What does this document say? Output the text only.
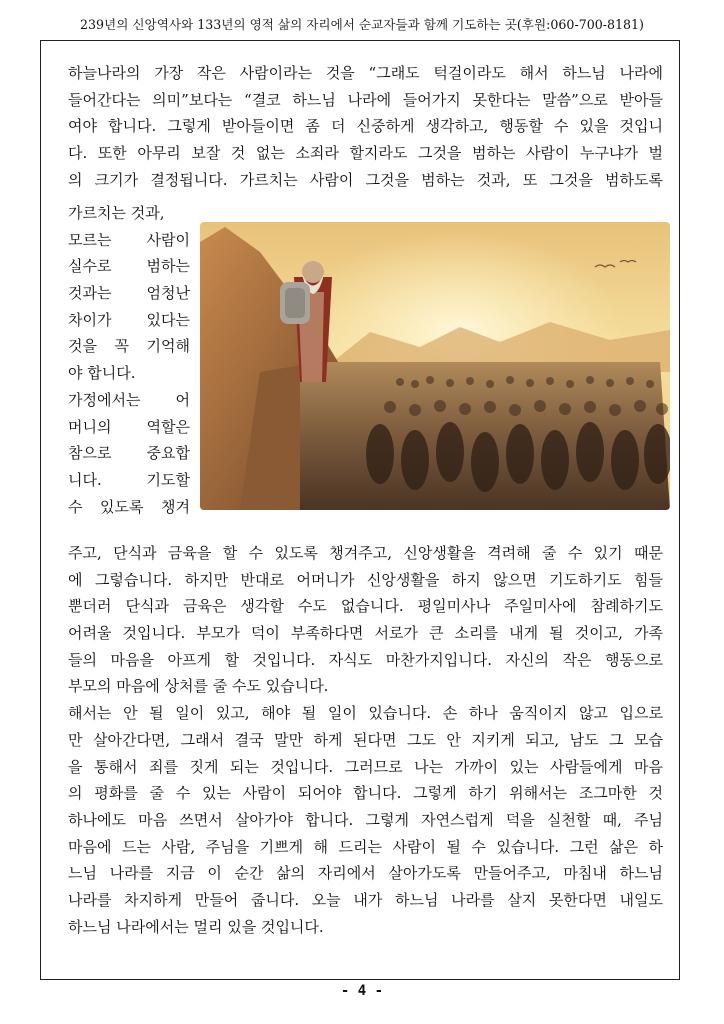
239년의 신앙역사와 133년의 영적 삶의 자리에서 순교자들과 함께 기도하는 곳(후원:060-700-8181)
하늘나라의 가장 작은 사람이라는 것을 “그래도 턱걸이라도 해서 하느님 나라에
들어간다는 의미”보다는 “결코 하느님 나라에 들어가지 못한다는 말씀”으로 받아들
여야 합니다. 그렇게 받아들이면 좀 더 신중하게 생각하고, 행동할 수 있을 것입니
다. 또한 아무리 보잘 것 없는 소죄라 할지라도 그것을 범하는 사람이 누구냐가 벌
의 크기가 결정됩니다. 가르치는 사람이 그것을 범하는 것과, 또 그것을 범하도록
가르치는 것과,
모르는 사람이
실수로 범하는
것과는 엄청난
차이가 있다는
것을 꼭 기억해
야 합니다.
가정에서는 어
머니의 역할은
참으로 중요합
니다. 기도할
수 있도록 챙겨
주고, 단식과 금육을 할 수 있도록 챙겨주고, 신앙생활을 격려해 줄 수 있기 때문
에 그렇습니다. 하지만 반대로 어머니가 신앙생활을 하지 않으면 기도하기도 힘들
뿐더러 단식과 금육은 생각할 수도 없습니다. 평일미사나 주일미사에 참례하기도
어려울 것입니다. 부모가 덕이 부족하다면 서로가 큰 소리를 내게 될 것이고, 가족
들의 마음을 아프게 할 것입니다. 자식도 마찬가지입니다. 자신의 작은 행동으로
부모의 마음에 상처를 줄 수도 있습니다.
해서는 안 될 일이 있고, 해야 될 일이 있습니다. 손 하나 움직이지 않고 입으로
만 살아간다면, 그래서 결국 말만 하게 된다면 그도 안 지키게 되고, 남도 그 모습
을 통해서 죄를 짓게 되는 것입니다. 그러므로 나는 가까이 있는 사람들에게 마음
의 평화를 줄 수 있는 사람이 되어야 합니다. 그렇게 하기 위해서는 조그마한 것
하나에도 마음 쓰면서 살아가야 합니다. 그렇게 자연스럽게 덕을 실천할 때, 주님
마음에 드는 사람, 주님을 기쁘게 해 드리는 사람이 될 수 있습니다. 그런 삶은 하
느님 나라를 지금 이 순간 삶의 자리에서 살아가도록 만들어주고, 마침내 하느님
나라를 차지하게 만들어 줍니다. 오늘 내가 하느님 나라를 살지 못한다면 내일도
하느님 나라에서는 멀리 있을 것입니다.
- 4 -
